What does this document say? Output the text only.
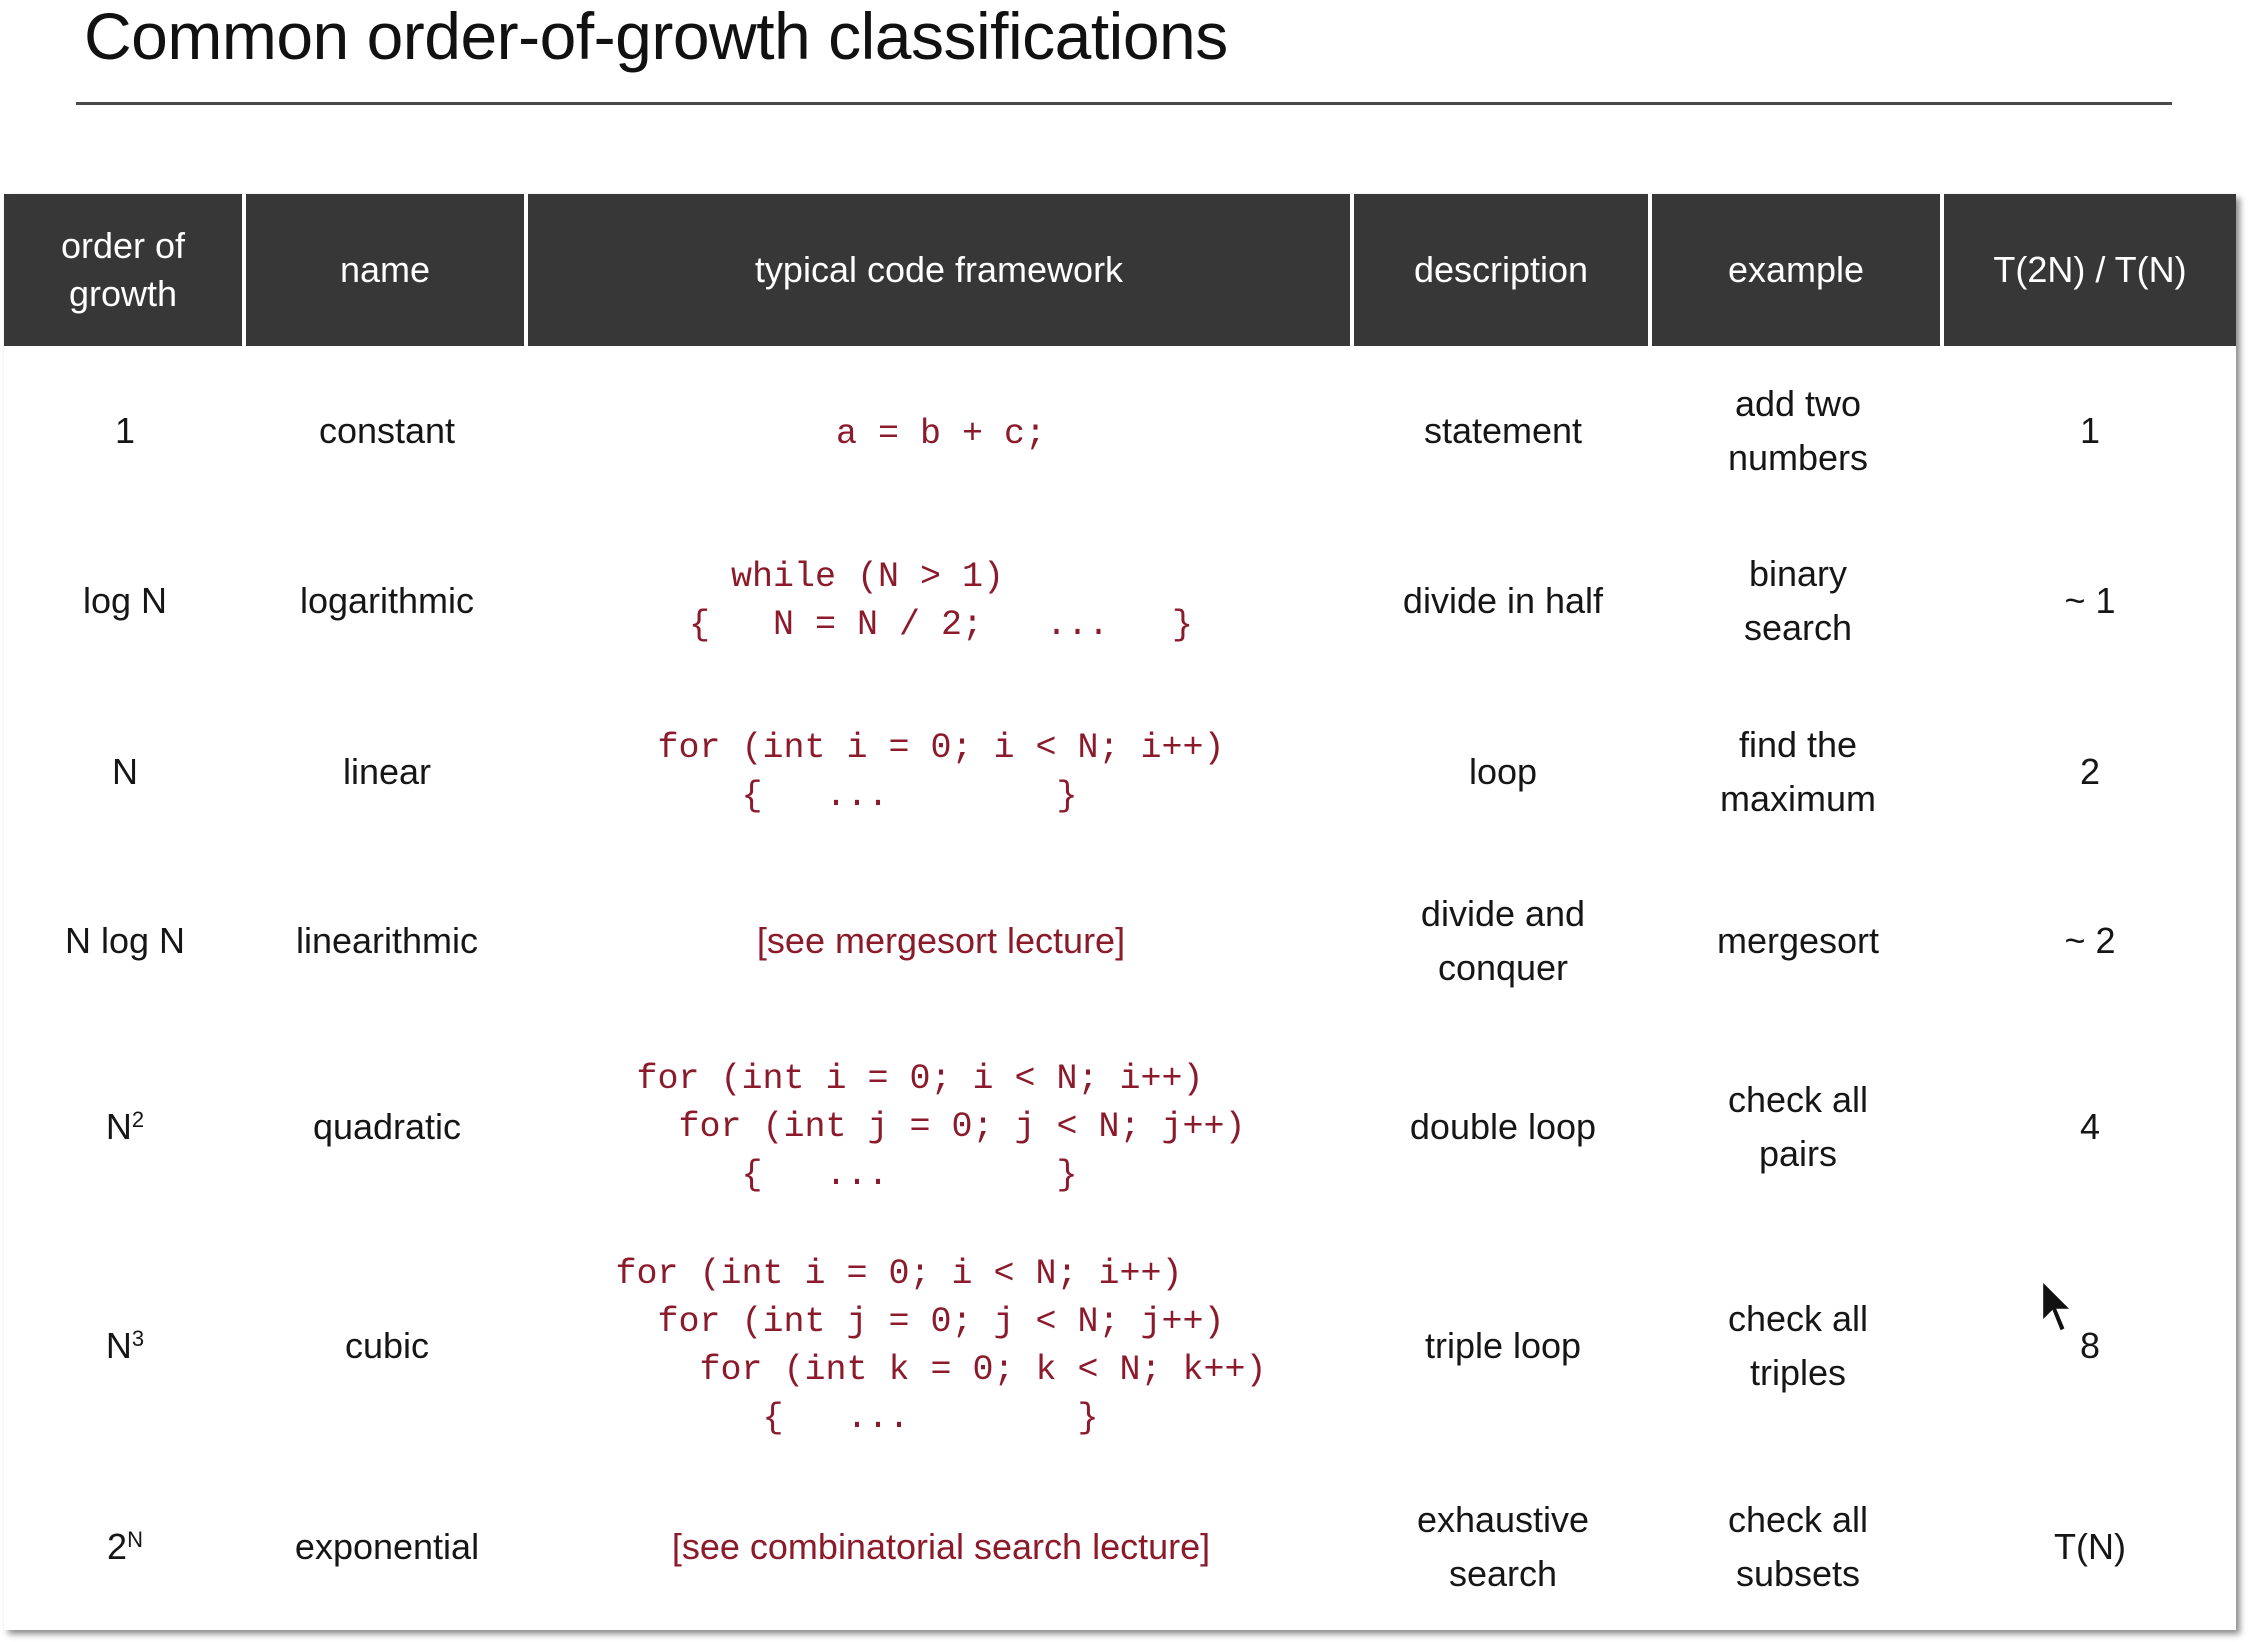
Common order-of-growth classifications
order of growth	name	typical code framework	description	example	T(2N) / T(N)
1	constant	a = b + c;	statement	add two numbers	1
log N	logarithmic	while (N > 1)
{   N = N / 2;   ...   }	divide in half	binary search	~ 1
N	linear	for (int i = 0; i < N; i++)
{   ...        }	loop	find the maximum	2
N log N	linearithmic	[see mergesort lecture]	divide and conquer	mergesort	~ 2
$N^2$	quadratic	for (int i = 0; i < N; i++)
for (int j = 0; j < N; j++)
{   ...        }	double loop	check all pairs	4
$N^3$	cubic	for (int i = 0; i < N; i++)
for (int j = 0; j < N; j++)
for (int k = 0; k < N; k++)
{   ...        }	triple loop	check all triples	8
$2^N$	exponential	[see combinatorial search lecture]	exhaustive search	check all subsets	T(N)
